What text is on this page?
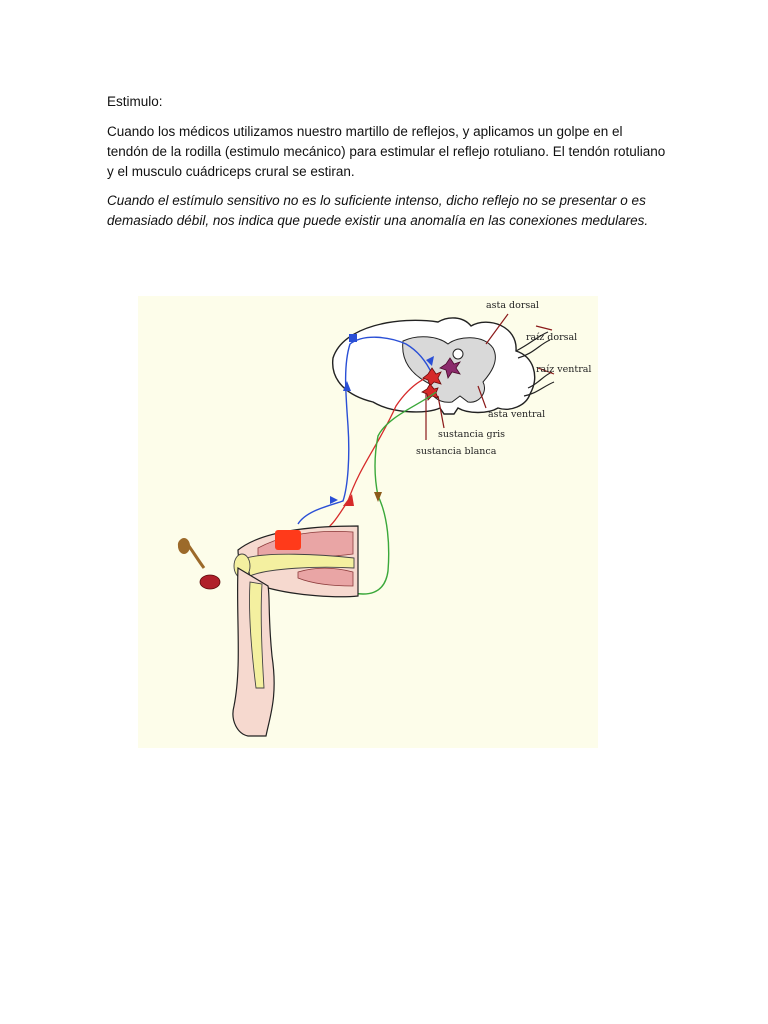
Estimulo:

Cuando los médicos utilizamos nuestro martillo de reflejos, y aplicamos un golpe en el tendón de la rodilla (estimulo mecánico) para estimular el reflejo rotuliano. El tendón rotuliano y el musculo cuádriceps crural se estiran.

Cuando el estímulo sensitivo no es lo suficiente intenso, dicho reflejo no se presentar o es demasiado débil, nos indica que puede existir una anomalía en las conexiones medulares.

asta dorsal
raíz dorsal
raíz ventral
asta ventral
sustancia gris
sustancia blanca
